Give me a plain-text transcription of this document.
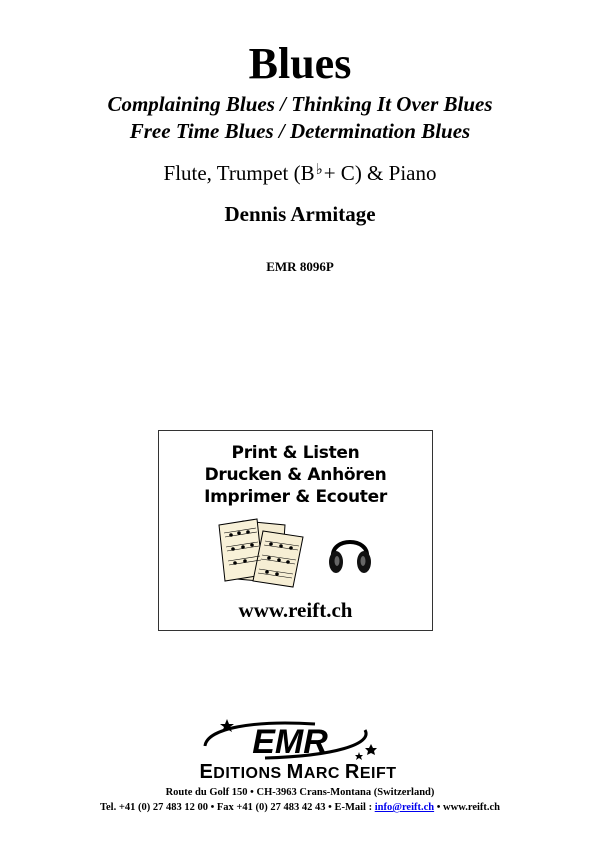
Blues
Complaining Blues / Thinking It Over Blues
Free Time Blues / Determination Blues
Flute, Trumpet (B♭+ C) & Piano
Dennis Armitage
EMR 8096P
Print & Listen
Drucken & Anhören
Imprimer & Ecouter
www.reift.ch
EMR
EDITIONS MARC REIFT
Route du Golf 150 • CH-3963 Crans-Montana (Switzerland)
Tel. +41 (0) 27 483 12 00 • Fax +41 (0) 27 483 42 43 • E-Mail : info@reift.ch • www.reift.ch
